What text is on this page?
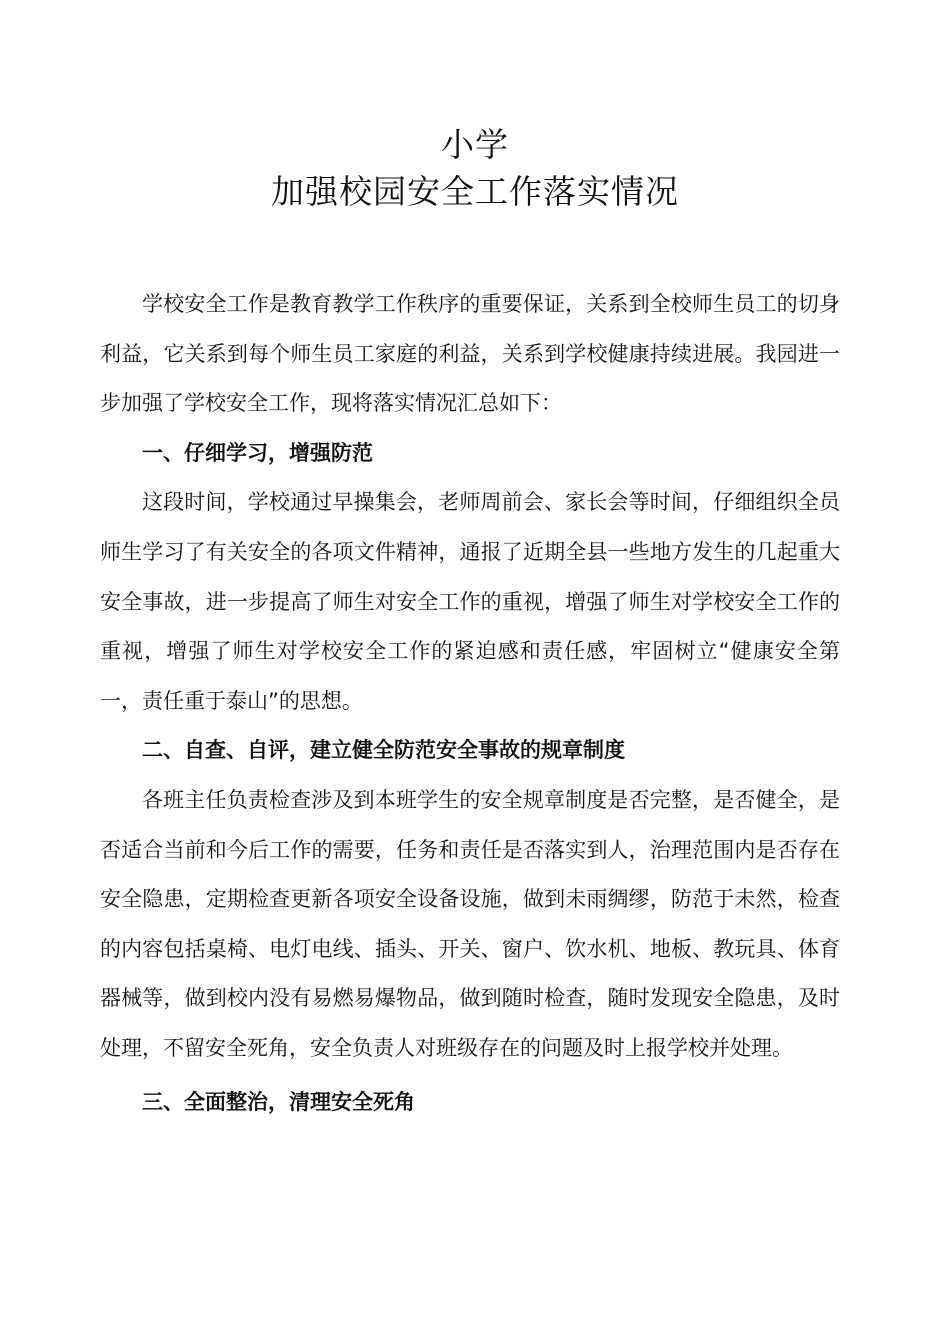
小学
加强校园安全工作落实情况

学校安全工作是教育教学工作秩序的重要保证，关系到全校师生员工的切身利益，它关系到每个师生员工家庭的利益，关系到学校健康持续进展。我园进一步加强了学校安全工作，现将落实情况汇总如下：

一、仔细学习，增强防范

这段时间，学校通过早操集会，老师周前会、家长会等时间，仔细组织全员师生学习了有关安全的各项文件精神，通报了近期全县一些地方发生的几起重大安全事故，进一步提高了师生对安全工作的重视，增强了师生对学校安全工作的重视，增强了师生对学校安全工作的紧迫感和责任感，牢固树立“健康安全第一，责任重于泰山”的思想。

二、自查、自评，建立健全防范安全事故的规章制度

各班主任负责检查涉及到本班学生的安全规章制度是否完整，是否健全，是否适合当前和今后工作的需要，任务和责任是否落实到人，治理范围内是否存在安全隐患，定期检查更新各项安全设备设施，做到未雨绸缪，防范于未然，检查的内容包括桌椅、电灯电线、插头、开关、窗户、饮水机、地板、教玩具、体育器械等，做到校内没有易燃易爆物品，做到随时检查，随时发现安全隐患，及时处理，不留安全死角，安全负责人对班级存在的问题及时上报学校并处理。

三、全面整治，清理安全死角
